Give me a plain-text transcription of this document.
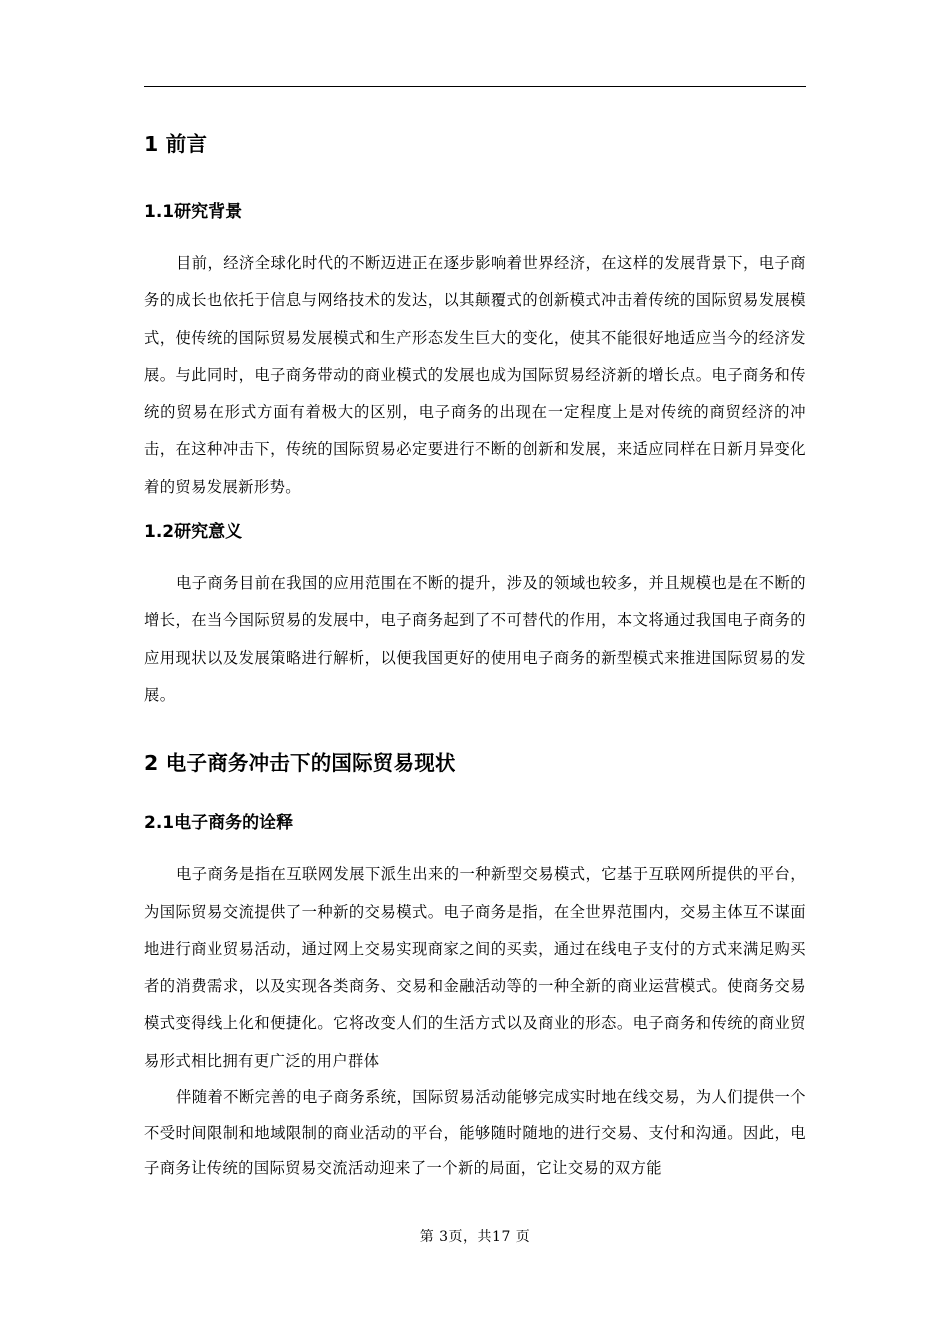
1 前言
1.1研究背景

目前，经济全球化时代的不断迈进正在逐步影响着世界经济，在这样的发展背景下，电子商务的成长也依托于信息与网络技术的发达，以其颠覆式的创新模式冲击着传统的国际贸易发展模式，使传统的国际贸易发展模式和生产形态发生巨大的变化，使其不能很好地适应当今的经济发展。与此同时，电子商务带动的商业模式的发展也成为国际贸易经济新的增长点。电子商务和传统的贸易在形式方面有着极大的区别，电子商务的出现在一定程度上是对传统的商贸经济的冲击，在这种冲击下，传统的国际贸易必定要进行不断的创新和发展，来适应同样在日新月异变化着的贸易发展新形势。

1.2研究意义

电子商务目前在我国的应用范围在不断的提升，涉及的领域也较多，并且规模也是在不断的增长，在当今国际贸易的发展中，电子商务起到了不可替代的作用，本文将通过我国电子商务的应用现状以及发展策略进行解析，以便我国更好的使用电子商务的新型模式来推进国际贸易的发展。

2 电子商务冲击下的国际贸易现状
2.1电子商务的诠释

电子商务是指在互联网发展下派生出来的一种新型交易模式，它基于互联网所提供的平台，为国际贸易交流提供了一种新的交易模式。电子商务是指，在全世界范围内，交易主体互不谋面地进行商业贸易活动，通过网上交易实现商家之间的买卖，通过在线电子支付的方式来满足购买者的消费需求，以及实现各类商务、交易和金融活动等的一种全新的商业运营模式。使商务交易模式变得线上化和便捷化。它将改变人们的生活方式以及商业的形态。电子商务和传统的商业贸易形式相比拥有更广泛的用户群体

伴随着不断完善的电子商务系统，国际贸易活动能够完成实时地在线交易，为人们提供一个不受时间限制和地域限制的商业活动的平台，能够随时随地的进行交易、支付和沟通。因此，电子商务让传统的国际贸易交流活动迎来了一个新的局面，它让交易的双方能

第 3页，共17 页
